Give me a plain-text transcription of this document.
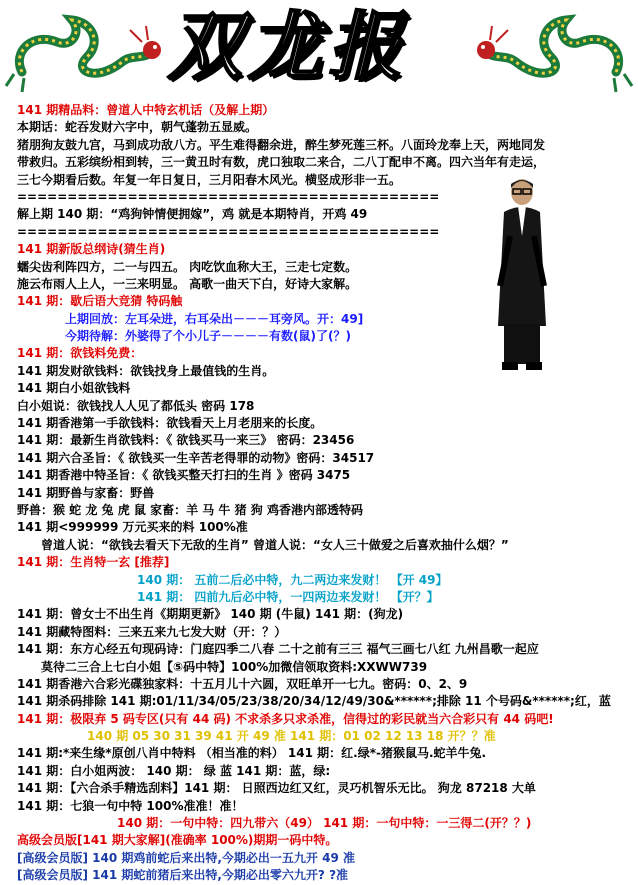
双龙报
141 期精品料：曾道人中特玄机话（及解上期）
本期话：蛇吞发财六字中，朝气蓬勃五显威。
猪朋狗友鼓九宫，马到成功敌八方。平生难得翻余进，醉生梦死莲三杯。八面玲龙奉上天，两地同发
带救归。五彩缤纷相到转，三一黄丑时有数，虎口独取二来合，二八丁配申不离。四六当年有走运，
三七今期看后数。年复一年日复日，三月阳春木风光。横竖成形非一五。
==========================================
解上期 140 期：“鸡狗钟情便拥嫁”，鸡 就是本期特肖，开鸡 49
==========================================
141 期新版总纲诗(猜生肖)
蠕尖齿利阵四方，二一与四五。 肉吃饮血称大王，三走七定数。
施云布雨人上人，一三来明显。 高歌一曲天下白，好诗大家解。
141 期：歇后语大竞猜 特码触
上期回放：左耳朵进，右耳朵出－－－耳旁风。开：49]
今期待解：外婆得了个小儿子－－－－有数(鼠)了(？)
141 期：欲钱料免费：
141 期发财欲钱料：欲钱找身上最值钱的生肖。
141 期白小姐欲钱料
白小姐说：欲钱找人人见了都低头 密码 178
141 期香港第一手欲钱料：欲钱看天上月老朋来的长度。
141 期：最新生肖欲钱料：《 欲钱买马一来三》 密码：23456
141 期六合圣旨：《 欲钱买一生辛苦老得罪的动物》密码：34517
141 期香港中特圣旨：《 欲钱买整天打扫的生肖 》密码 3475
141 期野兽与家畜：野兽
野兽：猴 蛇 龙 兔 虎 鼠 家畜：羊 马 牛 猪 狗 鸡香港内部透特码
141 期<999999 万元买来的料 100%准
曾道人说：“欲钱去看天下无敌的生肖” 曾道人说：“女人三十做爱之后喜欢抽什么烟？”
141 期：生肖特一玄 [推荐]
140 期： 五前二后必中特，九二两边来发财！ 【开 49】
141 期： 四前九后必中特，一四两边来发财！ 【开？】
141 期：曾女士不出生肖《期期更新》 140 期 (牛鼠) 141 期：(狗龙)
141 期藏特图料：三来五来九七发大财（开：？）
141 期：东方心经五句现码诗：门庭四季二八春 二十之前有三三 福气三画七八红 九州昌歌一起应
莫待二三合上七白小姐【⑤码中特】100%加微信领取资料:XXWW739
141 期香港六合彩光碟独家料：十五月儿十六圆，双旺单开一七九。密码：0、2、9
141 期杀码排除 141 期:01/11/34/05/23/38/20/34/12/49/30&******;排除 11 个号码&******;红，蓝
141 期：极限弃 5 码专区(只有 44 码) 不求杀多只求杀准，信得过的彩民就当六合彩只有 44 码吧!
140 期 05 30 31 39 41 开 49 准 141 期：01 02 12 13 18 开？？准
141 期:*来生缘*原创八肖中特料 （相当准的料） 141 期：红.绿*-猪猴鼠马.蛇羊牛兔.
141 期：白小姐两波： 140 期： 绿 蓝 141 期：蓝，绿:
141 期：【六合杀手精选刮料】141 期： 日照西边红又红，灵巧机智乐无比。 狗龙 87218 大单
141 期：七狼一句中特 100%准准！准！
140 期：一句中特：四九带六（49） 141 期：一句中特：一三得二(开？？)
高级会员版[141 期大家解](准确率 100%)期期一码中特。
[高级会员版] 140 期鸡前蛇后来出特,今期必出一五九开 49 准
[高级会员版] 141 期蛇前猪后来出特,今期必出零六九开? ?准
